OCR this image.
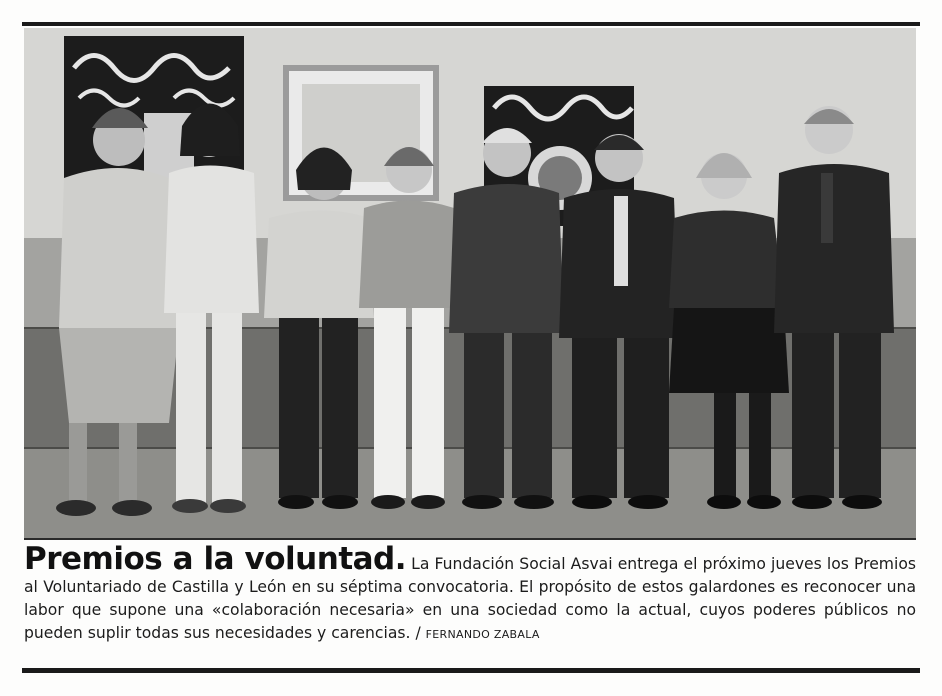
Premios a la voluntad. La Fundación Social Asvai entrega el próximo jueves los Premios al Voluntariado de Castilla y León en su séptima convocatoria. El propósito de estos galardones es reconocer una labor que supone una «colaboración necesaria» en una sociedad como la actual, cuyos poderes públicos no pueden suplir todas sus necesidades y carencias. / FERNANDO ZABALA
